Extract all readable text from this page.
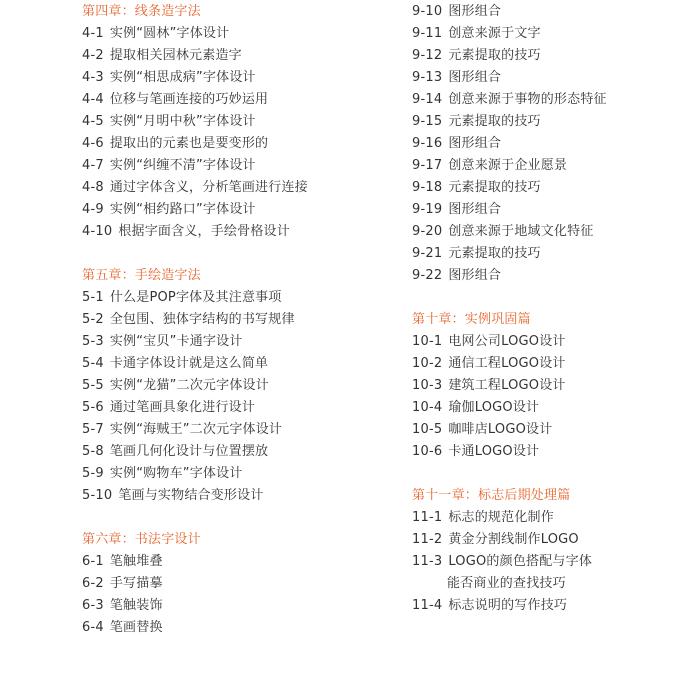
第四章：线条造字法
4-1 实例“圆林”字体设计
4-2 提取相关园林元素造字
4-3 实例“相思成病”字体设计
4-4 位移与笔画连接的巧妙运用
4-5 实例“月明中秋”字体设计
4-6 提取出的元素也是要变形的
4-7 实例“纠缠不清”字体设计
4-8 通过字体含义，分析笔画进行连接
4-9 实例“相约路口”字体设计
4-10 根据字面含义，手绘骨格设计
第五章：手绘造字法
5-1 什么是POP字体及其注意事项
5-2 全包围、独体字结构的书写规律
5-3 实例“宝贝”卡通字设计
5-4 卡通字体设计就是这么简单
5-5 实例“龙猫”二次元字体设计
5-6 通过笔画具象化进行设计
5-7 实例“海贼王”二次元字体设计
5-8 笔画几何化设计与位置摆放
5-9 实例“购物车”字体设计
5-10 笔画与实物结合变形设计
第六章：书法字设计
6-1 笔触堆叠
6-2 手写描摹
6-3 笔触装饰
6-4 笔画替换
9-10 图形组合
9-11 创意来源于文字
9-12 元素提取的技巧
9-13 图形组合
9-14 创意来源于事物的形态特征
9-15 元素提取的技巧
9-16 图形组合
9-17 创意来源于企业愿景
9-18 元素提取的技巧
9-19 图形组合
9-20 创意来源于地域文化特征
9-21 元素提取的技巧
9-22 图形组合
第十章：实例巩固篇
10-1 电网公司LOGO设计
10-2 通信工程LOGO设计
10-3 建筑工程LOGO设计
10-4 瑜伽LOGO设计
10-5 咖啡店LOGO设计
10-6 卡通LOGO设计
第十一章：标志后期处理篇
11-1 标志的规范化制作
11-2 黄金分割线制作LOGO
11-3 LOGO的颜色搭配与字体
能否商业的查找技巧
11-4 标志说明的写作技巧
